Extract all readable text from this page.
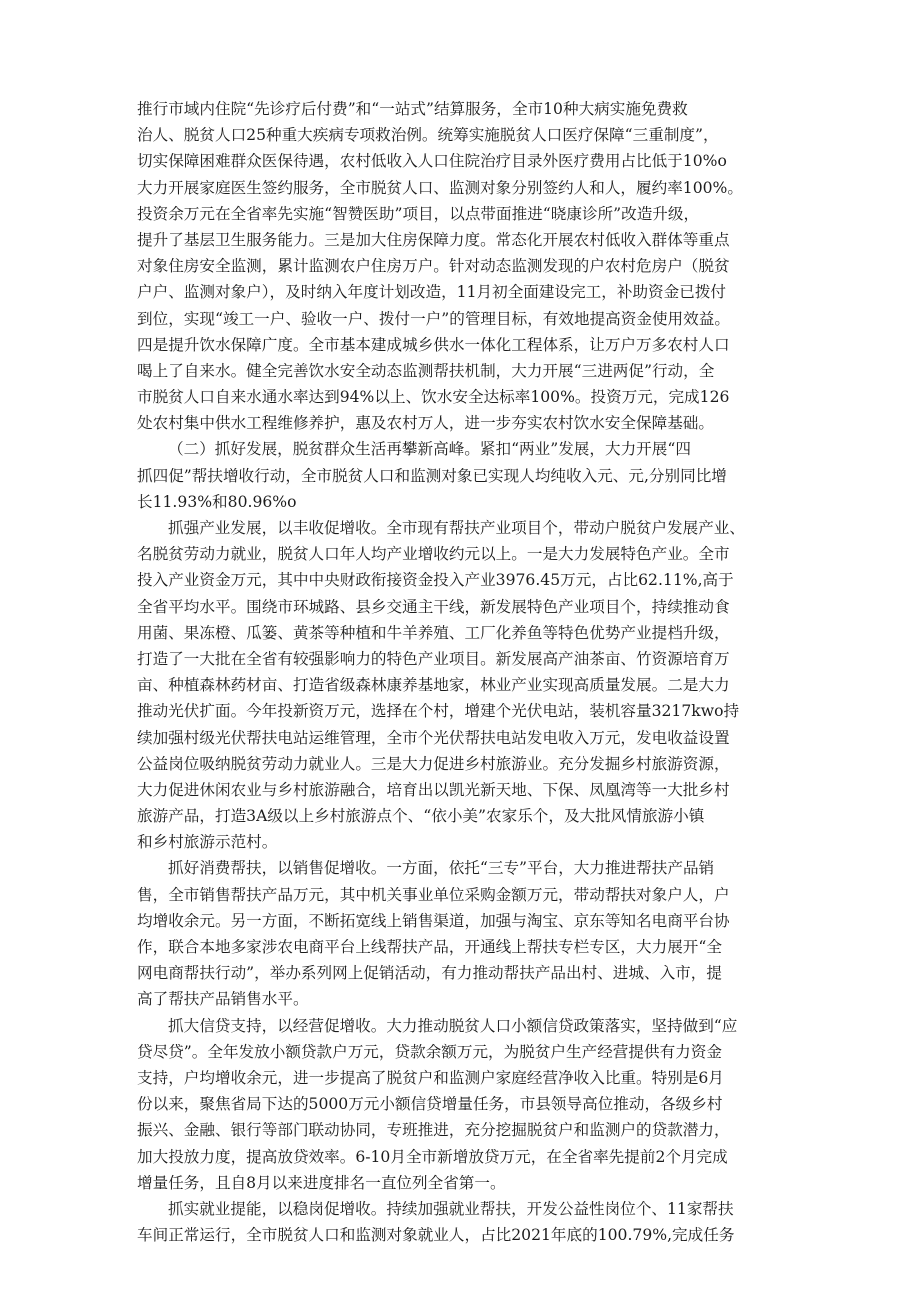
推行市域内住院“先诊疗后付费”和“一站式”结算服务，全市10种大病实施免费救
治人、脱贫人口25种重大疾病专项救治例。统筹实施脱贫人口医疗保障“三重制度”，
切实保障困难群众医保待遇，农村低收入人口住院治疗目录外医疗费用占比低于10%o
大力开展家庭医生签约服务，全市脱贫人口、监测对象分别签约人和人，履约率100%。
投资余万元在全省率先实施“智赞医助”项目，以点带面推进“晓康诊所”改造升级，
提升了基层卫生服务能力。三是加大住房保障力度。常态化开展农村低收入群体等重点
对象住房安全监测，累计监测农户住房万户。针对动态监测发现的户农村危房户（脱贫
户户、监测对象户），及时纳入年度计划改造，11月初全面建设完工，补助资金已拨付
到位，实现“竣工一户、验收一户、拨付一户”的管理目标，有效地提高资金使用效益。
四是提升饮水保障广度。全市基本建成城乡供水一体化工程体系，让万户万多农村人口
喝上了自来水。健全完善饮水安全动态监测帮扶机制，大力开展“三进两促”行动，全
市脱贫人口自来水通水率达到94%以上、饮水安全达标率100%。投资万元，完成126
处农村集中供水工程维修养护，惠及农村万人，进一步夯实农村饮水安全保障基础。
（二）抓好发展，脱贫群众生活再攀新高峰。紧扣“两业”发展，大力开展“四
抓四促”帮扶增收行动，全市脱贫人口和监测对象已实现人均纯收入元、元,分别同比增
长11.93%和80.96%o
抓强产业发展，以丰收促增收。全市现有帮扶产业项目个，带动户脱贫户发展产业、
名脱贫劳动力就业，脱贫人口年人均产业增收约元以上。一是大力发展特色产业。全市
投入产业资金万元，其中中央财政衔接资金投入产业3976.45万元，占比62.11%,高于
全省平均水平。围绕市环城路、县乡交通主干线，新发展特色产业项目个，持续推动食
用菌、果冻橙、瓜篓、黄茶等种植和牛羊养殖、工厂化养鱼等特色优势产业提档升级，
打造了一大批在全省有较强影响力的特色产业项目。新发展高产油茶亩、竹资源培育万
亩、种植森林药材亩、打造省级森林康养基地家，林业产业实现高质量发展。二是大力
推动光伏扩面。今年投新资万元，选择在个村，增建个光伏电站，装机容量3217kwo持
续加强村级光伏帮扶电站运维管理，全市个光伏帮扶电站发电收入万元，发电收益设置
公益岗位吸纳脱贫劳动力就业人。三是大力促进乡村旅游业。充分发掘乡村旅游资源，
大力促进休闲农业与乡村旅游融合，培育出以凯光新天地、下保、凤凰湾等一大批乡村
旅游产品，打造3A级以上乡村旅游点个、“依小美”农家乐个，及大批风情旅游小镇
和乡村旅游示范村。
抓好消费帮扶，以销售促增收。一方面，依托“三专”平台，大力推进帮扶产品销
售，全市销售帮扶产品万元，其中机关事业单位采购金额万元，带动帮扶对象户人，户
均增收余元。另一方面，不断拓宽线上销售渠道，加强与淘宝、京东等知名电商平台协
作，联合本地多家涉农电商平台上线帮扶产品，开通线上帮扶专栏专区，大力展开“全
网电商帮扶行动”，举办系列网上促销活动，有力推动帮扶产品出村、进城、入市，提
高了帮扶产品销售水平。
抓大信贷支持，以经营促增收。大力推动脱贫人口小额信贷政策落实，坚持做到“应
贷尽贷”。全年发放小额贷款户万元，贷款余额万元，为脱贫户生产经营提供有力资金
支持，户均增收余元，进一步提高了脱贫户和监测户家庭经营净收入比重。特别是6月
份以来，聚焦省局下达的5000万元小额信贷增量任务，市县领导高位推动，各级乡村
振兴、金融、银行等部门联动协同，专班推进，充分挖掘脱贫户和监测户的贷款潜力，
加大投放力度，提高放贷效率。6-10月全市新增放贷万元，在全省率先提前2个月完成
增量任务，且自8月以来进度排名一直位列全省第一。
抓实就业提能，以稳岗促增收。持续加强就业帮扶，开发公益性岗位个、11家帮扶
车间正常运行，全市脱贫人口和监测对象就业人，占比2021年底的100.79%,完成任务
